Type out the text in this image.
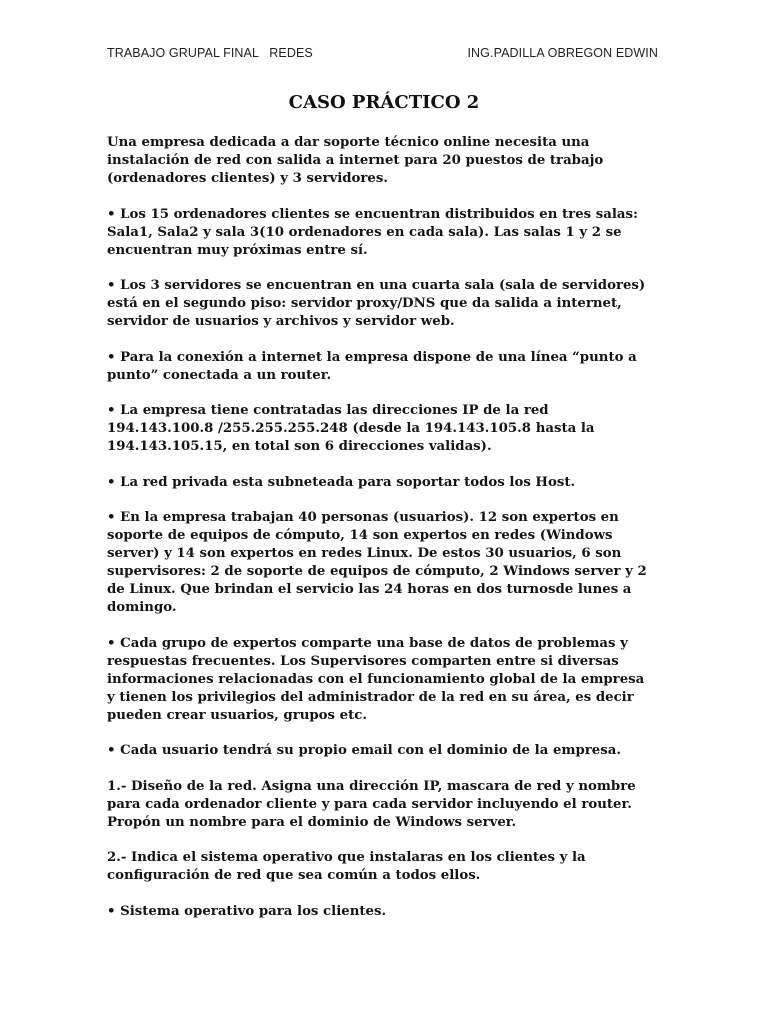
TRABAJO GRUPAL FINAL   REDES	ING.PADILLA OBREGON EDWIN
CASO PRÁCTICO 2

Una empresa dedicada a dar soporte técnico online necesita una
instalación de red con salida a internet para 20 puestos de trabajo
(ordenadores clientes) y 3 servidores.

• Los 15 ordenadores clientes se encuentran distribuidos en tres salas:
Sala1, Sala2 y sala 3(10 ordenadores en cada sala). Las salas 1 y 2 se
encuentran muy próximas entre sí.

• Los 3 servidores se encuentran en una cuarta sala (sala de servidores)
está en el segundo piso: servidor proxy/DNS que da salida a internet,
servidor de usuarios y archivos y servidor web.

• Para la conexión a internet la empresa dispone de una línea “punto a
punto” conectada a un router.

• La empresa tiene contratadas las direcciones IP de la red
194.143.100.8 /255.255.255.248 (desde la 194.143.105.8 hasta la
194.143.105.15, en total son 6 direcciones validas).

• La red privada esta subneteada para soportar todos los Host.

• En la empresa trabajan 40 personas (usuarios). 12 son expertos en
soporte de equipos de cómputo, 14 son expertos en redes (Windows
server) y 14 son expertos en redes Linux. De estos 30 usuarios, 6 son
supervisores: 2 de soporte de equipos de cómputo, 2 Windows server y 2
de Linux. Que brindan el servicio las 24 horas en dos turnosde lunes a
domingo.

• Cada grupo de expertos comparte una base de datos de problemas y
respuestas frecuentes. Los Supervisores comparten entre si diversas
informaciones relacionadas con el funcionamiento global de la empresa
y tienen los privilegios del administrador de la red en su área, es decir
pueden crear usuarios, grupos etc.

• Cada usuario tendrá su propio email con el dominio de la empresa.

1.- Diseño de la red. Asigna una dirección IP, mascara de red y nombre
para cada ordenador cliente y para cada servidor incluyendo el router.
Propón un nombre para el dominio de Windows server.

2.- Indica el sistema operativo que instalaras en los clientes y la
configuración de red que sea común a todos ellos.

• Sistema operativo para los clientes.
